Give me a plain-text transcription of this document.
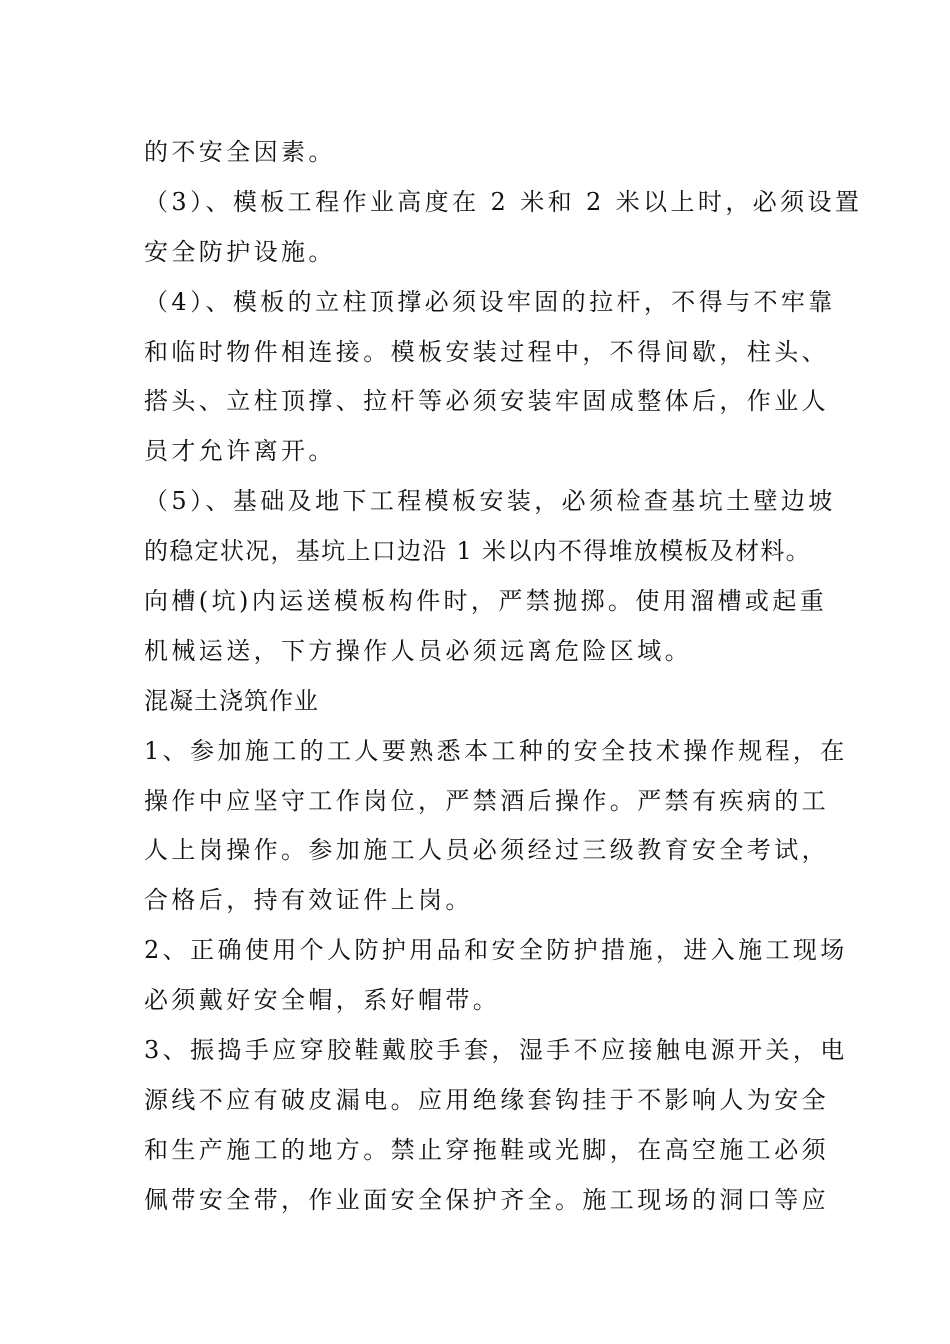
的不安全因素。
（3）、模板工程作业高度在 2 米和 2 米以上时，必须设置
安全防护设施。
（4）、模板的立柱顶撑必须设牢固的拉杆，不得与不牢靠
和临时物件相连接。模板安装过程中，不得间歇，柱头、
搭头、立柱顶撑、拉杆等必须安装牢固成整体后，作业人
员才允许离开。
（5）、基础及地下工程模板安装，必须检查基坑土壁边坡
的稳定状况，基坑上口边沿 1 米以内不得堆放模板及材料。
向槽(坑)内运送模板构件时，严禁抛掷。使用溜槽或起重
机械运送，下方操作人员必须远离危险区域。
混凝土浇筑作业
1、参加施工的工人要熟悉本工种的安全技术操作规程，在
操作中应坚守工作岗位，严禁酒后操作。严禁有疾病的工
人上岗操作。参加施工人员必须经过三级教育安全考试，
合格后，持有效证件上岗。
2、正确使用个人防护用品和安全防护措施，进入施工现场
必须戴好安全帽，系好帽带。
3、振捣手应穿胶鞋戴胶手套，湿手不应接触电源开关，电
源线不应有破皮漏电。应用绝缘套钩挂于不影响人为安全
和生产施工的地方。禁止穿拖鞋或光脚，在高空施工必须
佩带安全带，作业面安全保护齐全。施工现场的洞口等应
